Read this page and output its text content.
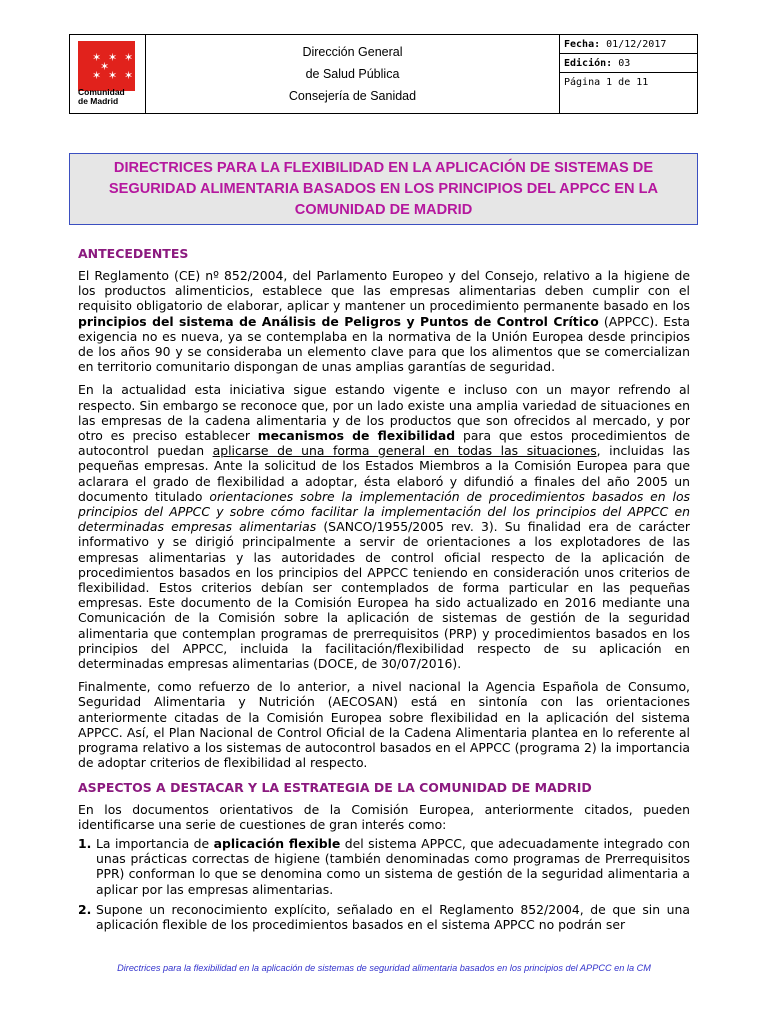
✶ ✶ ✶
✶ ✶ ✶
✶
Comunidad
de Madrid
Dirección General
de Salud Pública
Consejería de Sanidad
Fecha: 01/12/2017
Edición: 03
Página 1 de 11
DIRECTRICES PARA LA FLEXIBILIDAD EN LA APLICACIÓN DE SISTEMAS DE
SEGURIDAD ALIMENTARIA BASADOS EN LOS PRINCIPIOS DEL APPCC EN LA
COMUNIDAD DE MADRID
ANTECEDENTES

El Reglamento (CE) nº 852/2004, del Parlamento Europeo y del Consejo, relativo a la higiene de los productos alimenticios, establece que las empresas alimentarias deben cumplir con el requisito obligatorio de elaborar, aplicar y mantener un procedimiento permanente basado en los principios del sistema de Análisis de Peligros y Puntos de Control Crítico (APPCC). Esta exigencia no es nueva, ya se contemplaba en la normativa de la Unión Europea desde principios de los años 90 y se consideraba un elemento clave para que los alimentos que se comercializan en territorio comunitario dispongan de unas amplias garantías de seguridad.

En la actualidad esta iniciativa sigue estando vigente e incluso con un mayor refrendo al respecto. Sin embargo se reconoce que, por un lado existe una amplia variedad de situaciones en las empresas de la cadena alimentaria y de los productos que son ofrecidos al mercado, y por otro es preciso establecer mecanismos de flexibilidad para que estos procedimientos de autocontrol puedan aplicarse de una forma general en todas las situaciones, incluidas las pequeñas empresas. Ante la solicitud de los Estados Miembros a la Comisión Europea para que aclarara el grado de flexibilidad a adoptar, ésta elaboró y difundió a finales del año 2005 un documento titulado orientaciones sobre la implementación de procedimientos basados en los principios del APPCC y sobre cómo facilitar la implementación del los principios del APPCC en determinadas empresas alimentarias (SANCO/1955/2005 rev. 3). Su finalidad era de carácter informativo y se dirigió principalmente a servir de orientaciones a los explotadores de las empresas alimentarias y las autoridades de control oficial respecto de la aplicación de procedimientos basados en los principios del APPCC teniendo en consideración unos criterios de flexibilidad. Estos criterios debían ser contemplados de forma particular en las pequeñas empresas. Este documento de la Comisión Europea ha sido actualizado en 2016 mediante una Comunicación de la Comisión sobre la aplicación de sistemas de gestión de la seguridad alimentaria que contemplan programas de prerrequisitos (PRP) y procedimientos basados en los principios del APPCC, incluida la facilitación/flexibilidad respecto de su aplicación en determinadas empresas alimentarias (DOCE, de 30/07/2016).

Finalmente, como refuerzo de lo anterior, a nivel nacional la Agencia Española de Consumo, Seguridad Alimentaria y Nutrición (AECOSAN) está en sintonía con las orientaciones anteriormente citadas de la Comisión Europea sobre flexibilidad en la aplicación del sistema APPCC. Así, el Plan Nacional de Control Oficial de la Cadena Alimentaria plantea en lo referente al programa relativo a los sistemas de autocontrol basados en el APPCC (programa 2) la importancia de adoptar criterios de flexibilidad al respecto.

ASPECTOS A DESTACAR Y LA ESTRATEGIA DE LA COMUNIDAD DE MADRID

En los documentos orientativos de la Comisión Europea, anteriormente citados, pueden identificarse una serie de cuestiones de gran interés como:

1. La importancia de aplicación flexible del sistema APPCC, que adecuadamente integrado con unas prácticas correctas de higiene (también denominadas como programas de Prerrequisitos PPR) conforman lo que se denomina como un sistema de gestión de la seguridad alimentaria a aplicar por las empresas alimentarias.
2. Supone un reconocimiento explícito, señalado en el Reglamento 852/2004, de que sin una aplicación flexible de los procedimientos basados en el sistema APPCC no podrán ser
Directrices para la flexibilidad en la aplicación de sistemas de seguridad alimentaria basados en los principios del APPCC en la CM
